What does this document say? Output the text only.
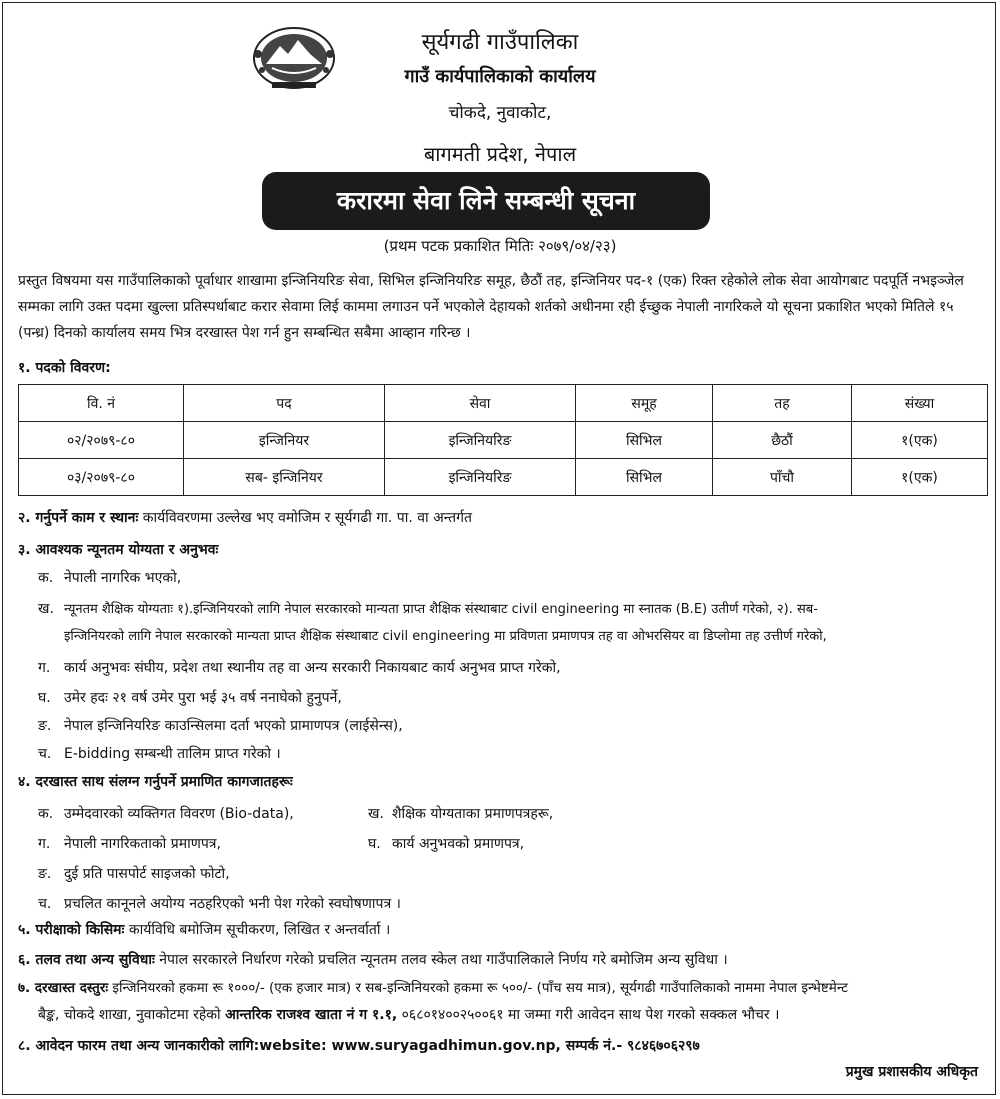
सूर्यगढी गाउँपालिका
गाउँ कार्यपालिकाको कार्यालय
चोकदे, नुवाकोट,
बागमती प्रदेश, नेपाल
करारमा सेवा लिने सम्बन्धी सूचना
(प्रथम पटक प्रकाशित मितिः २०७९/०४/२३)
प्रस्तुत विषयमा यस गाउँपालिकाको पूर्वाधार शाखामा इन्जिनियरिङ सेवा, सिभिल इन्जिनियरिङ समूह, छैठौं तह, इन्जिनियर पद-१ (एक) रिक्त रहेकोले लोक सेवा आयोगबाट पदपूर्ति नभइञ्जेल सम्मका लागि उक्त पदमा खुल्ला प्रतिस्पर्धाबाट करार सेवामा लिई काममा लगाउन पर्ने भएकोले देहायको शर्तको अधीनमा रही ईच्छुक नेपाली नागरिकले यो सूचना प्रकाशित भएको मितिले १५ (पन्ध्र) दिनको कार्यालय समय भित्र दरखास्त पेश गर्न हुन सम्बन्धित सबैमा आव्हान गरिन्छ ।
१. पदको विवरण:
वि. नं	पद	सेवा	समूह	तह	संख्या
०२/२०७९-८०	इन्जिनियर	इन्जिनियरिङ	सिभिल	छैठौं	१(एक)
०३/२०७९-८०	सब- इन्जिनियर	इन्जिनियरिङ	सिभिल	पाँचौ	१(एक)
२. गर्नुपर्ने काम र स्थानः कार्यविवरणमा उल्लेख भए वमोजिम र सूर्यगढी गा. पा. वा अन्तर्गत
३. आवश्यक न्यूनतम योग्यता र अनुभवः
क. नेपाली नागरिक भएको,
ख. न्यूनतम शैक्षिक योग्यताः १).इन्जिनियरको लागि नेपाल सरकारको मान्यता प्राप्त शैक्षिक संस्थाबाट civil engineering मा स्नातक (B.E) उतीर्ण गरेको, २). सब-
इन्जिनियरको लागि नेपाल सरकारको मान्यता प्राप्त शैक्षिक संस्थाबाट civil engineering मा प्रविणता प्रमाणपत्र तह वा ओभरसियर वा डिप्लोमा तह उत्तीर्ण गरेको,
ग. कार्य अनुभवः संघीय, प्रदेश तथा स्थानीय तह वा अन्य सरकारी निकायबाट कार्य अनुभव प्राप्त गरेको,
घ. उमेर हदः २१ वर्ष उमेर पुरा भई ३५ वर्ष ननाघेको हुनुपर्ने,
ङ. नेपाल इन्जिनियरिङ काउन्सिलमा दर्ता भएको प्रामाणपत्र (लाईसेन्स),
च. E-bidding सम्बन्धी तालिम प्राप्त गरेको ।
४. दरखास्त साथ संलग्न गर्नुपर्ने प्रमाणित कागजातहरूः
क. उम्मेदवारको व्यक्तिगत विवरण (Bio-data),	ख. शैक्षिक योग्यताका प्रमाणपत्रहरू,
ग. नेपाली नागरिकताको प्रमाणपत्र,	घ. कार्य अनुभवको प्रमाणपत्र,
ङ. दुई प्रति पासपोर्ट साइजको फोटो,
च. प्रचलित कानूनले अयोग्य नठहरिएको भनी पेश गरेको स्वघोषणापत्र ।
५. परीक्षाको किसिमः कार्यविधि बमोजिम सूचीकरण, लिखित र अन्तर्वार्ता ।
६. तलव तथा अन्य सुविधाः नेपाल सरकारले निर्धारण गरेको प्रचलित न्यूनतम तलव स्केल तथा गाउँपालिकाले निर्णय गरे बमोजिम अन्य सुविधा ।
७. दरखास्त दस्तुरः इन्जिनियरको हकमा रू १०००/- (एक हजार मात्र) र सब-इन्जिनियरको हकमा रू ५००/- (पाँच सय मात्र), सूर्यगढी गाउँपालिकाको नाममा नेपाल इन्भेष्टमेन्ट
बैङ्क, चोकदे शाखा, नुवाकोटमा रहेको आन्तरिक राजश्व खाता नं ग १.१, ०६८०१४००२५००६१ मा जम्मा गरी आवेदन साथ पेश गरको सक्कल भौचर ।
८. आवेदन फारम तथा अन्य जानकारीको लागि:website: www.suryagadhimun.gov.np, सम्पर्क नं.- ९८४६७०६२९७
प्रमुख प्रशासकीय अधिकृत
